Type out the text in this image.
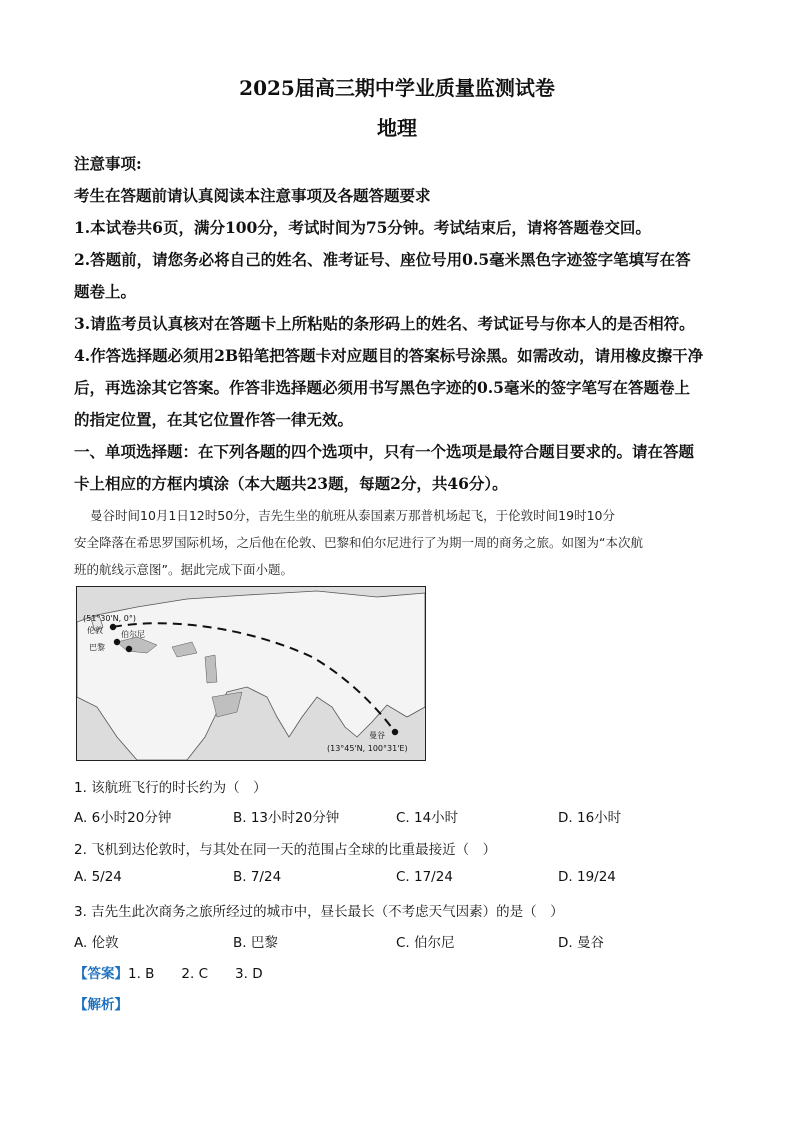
2025届高三期中学业质量监测试卷
地理
注意事项:
考生在答题前请认真阅读本注意事项及各题答题要求
1.本试卷共6页，满分100分，考试时间为75分钟。考试结束后，请将答题卷交回。
2.答题前，请您务必将自己的姓名、准考证号、座位号用0.5毫米黑色字迹签字笔填写在答
题卷上。
3.请监考员认真核对在答题卡上所粘贴的条形码上的姓名、考试证号与你本人的是否相符。
4.作答选择题必须用2B铅笔把答题卡对应题目的答案标号涂黑。如需改动，请用橡皮擦干净
后，再选涂其它答案。作答非选择题必须用书写黑色字迹的0.5毫米的签字笔写在答题卷上
的指定位置，在其它位置作答一律无效。
一、单项选择题：在下列各题的四个选项中，只有一个选项是最符合题目要求的。请在答题
卡上相应的方框内填涂（本大题共23题，每题2分，共46分）。
曼谷时间10月1日12时50分，吉先生坐的航班从泰国素万那普机场起飞，于伦敦时间19时10分
安全降落在希思罗国际机场，之后他在伦敦、巴黎和伯尔尼进行了为期一周的商务之旅。如图为“本次航
班的航线示意图”。据此完成下面小题。
(51°30'N, 0°)
伦敦 伯尔尼
巴黎
曼谷
(13°45'N, 100°31'E)
1. 该航班飞行的时长约为（　）
A. 6小时20分钟	B. 13小时20分钟	C. 14小时	D. 16小时
2. 飞机到达伦敦时，与其处在同一天的范围占全球的比重最接近（　）
A. 5/24	B. 7/24	C. 17/24	D. 19/24
3. 吉先生此次商务之旅所经过的城市中，昼长最长（不考虑天气因素）的是（　）
A. 伦敦	B. 巴黎	C. 伯尔尼	D. 曼谷
【答案】1. B　　2. C　　3. D
【解析】
